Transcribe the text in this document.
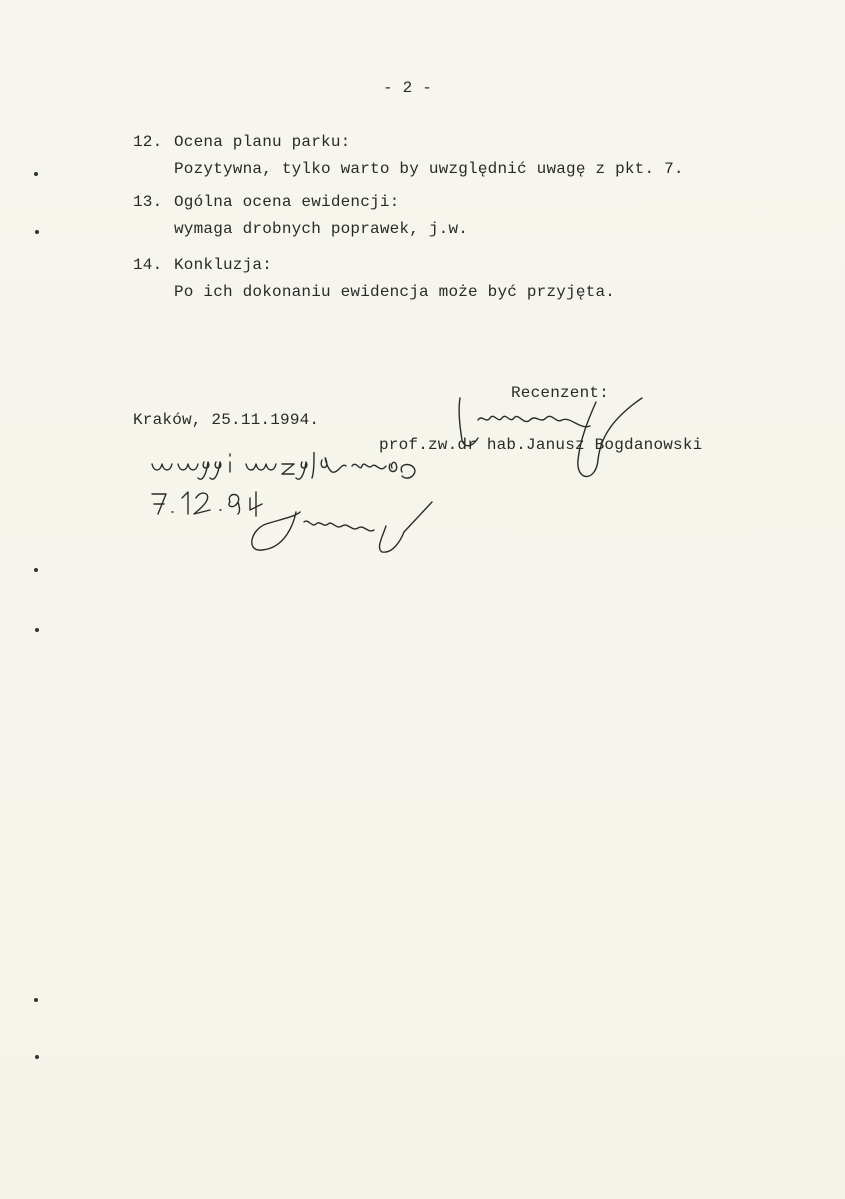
- 2 -
12. Ocena planu parku:
Pozytywna, tylko warto by uwzględnić uwagę z pkt. 7.
13. Ogólna ocena ewidencji:
wymaga drobnych poprawek, j.w.
14. Konkluzja:
Po ich dokonaniu ewidencja może być przyjęta.
Recenzent:
Kraków, 25.11.1994.
prof.zw.dr hab.Janusz Bogdanowski
